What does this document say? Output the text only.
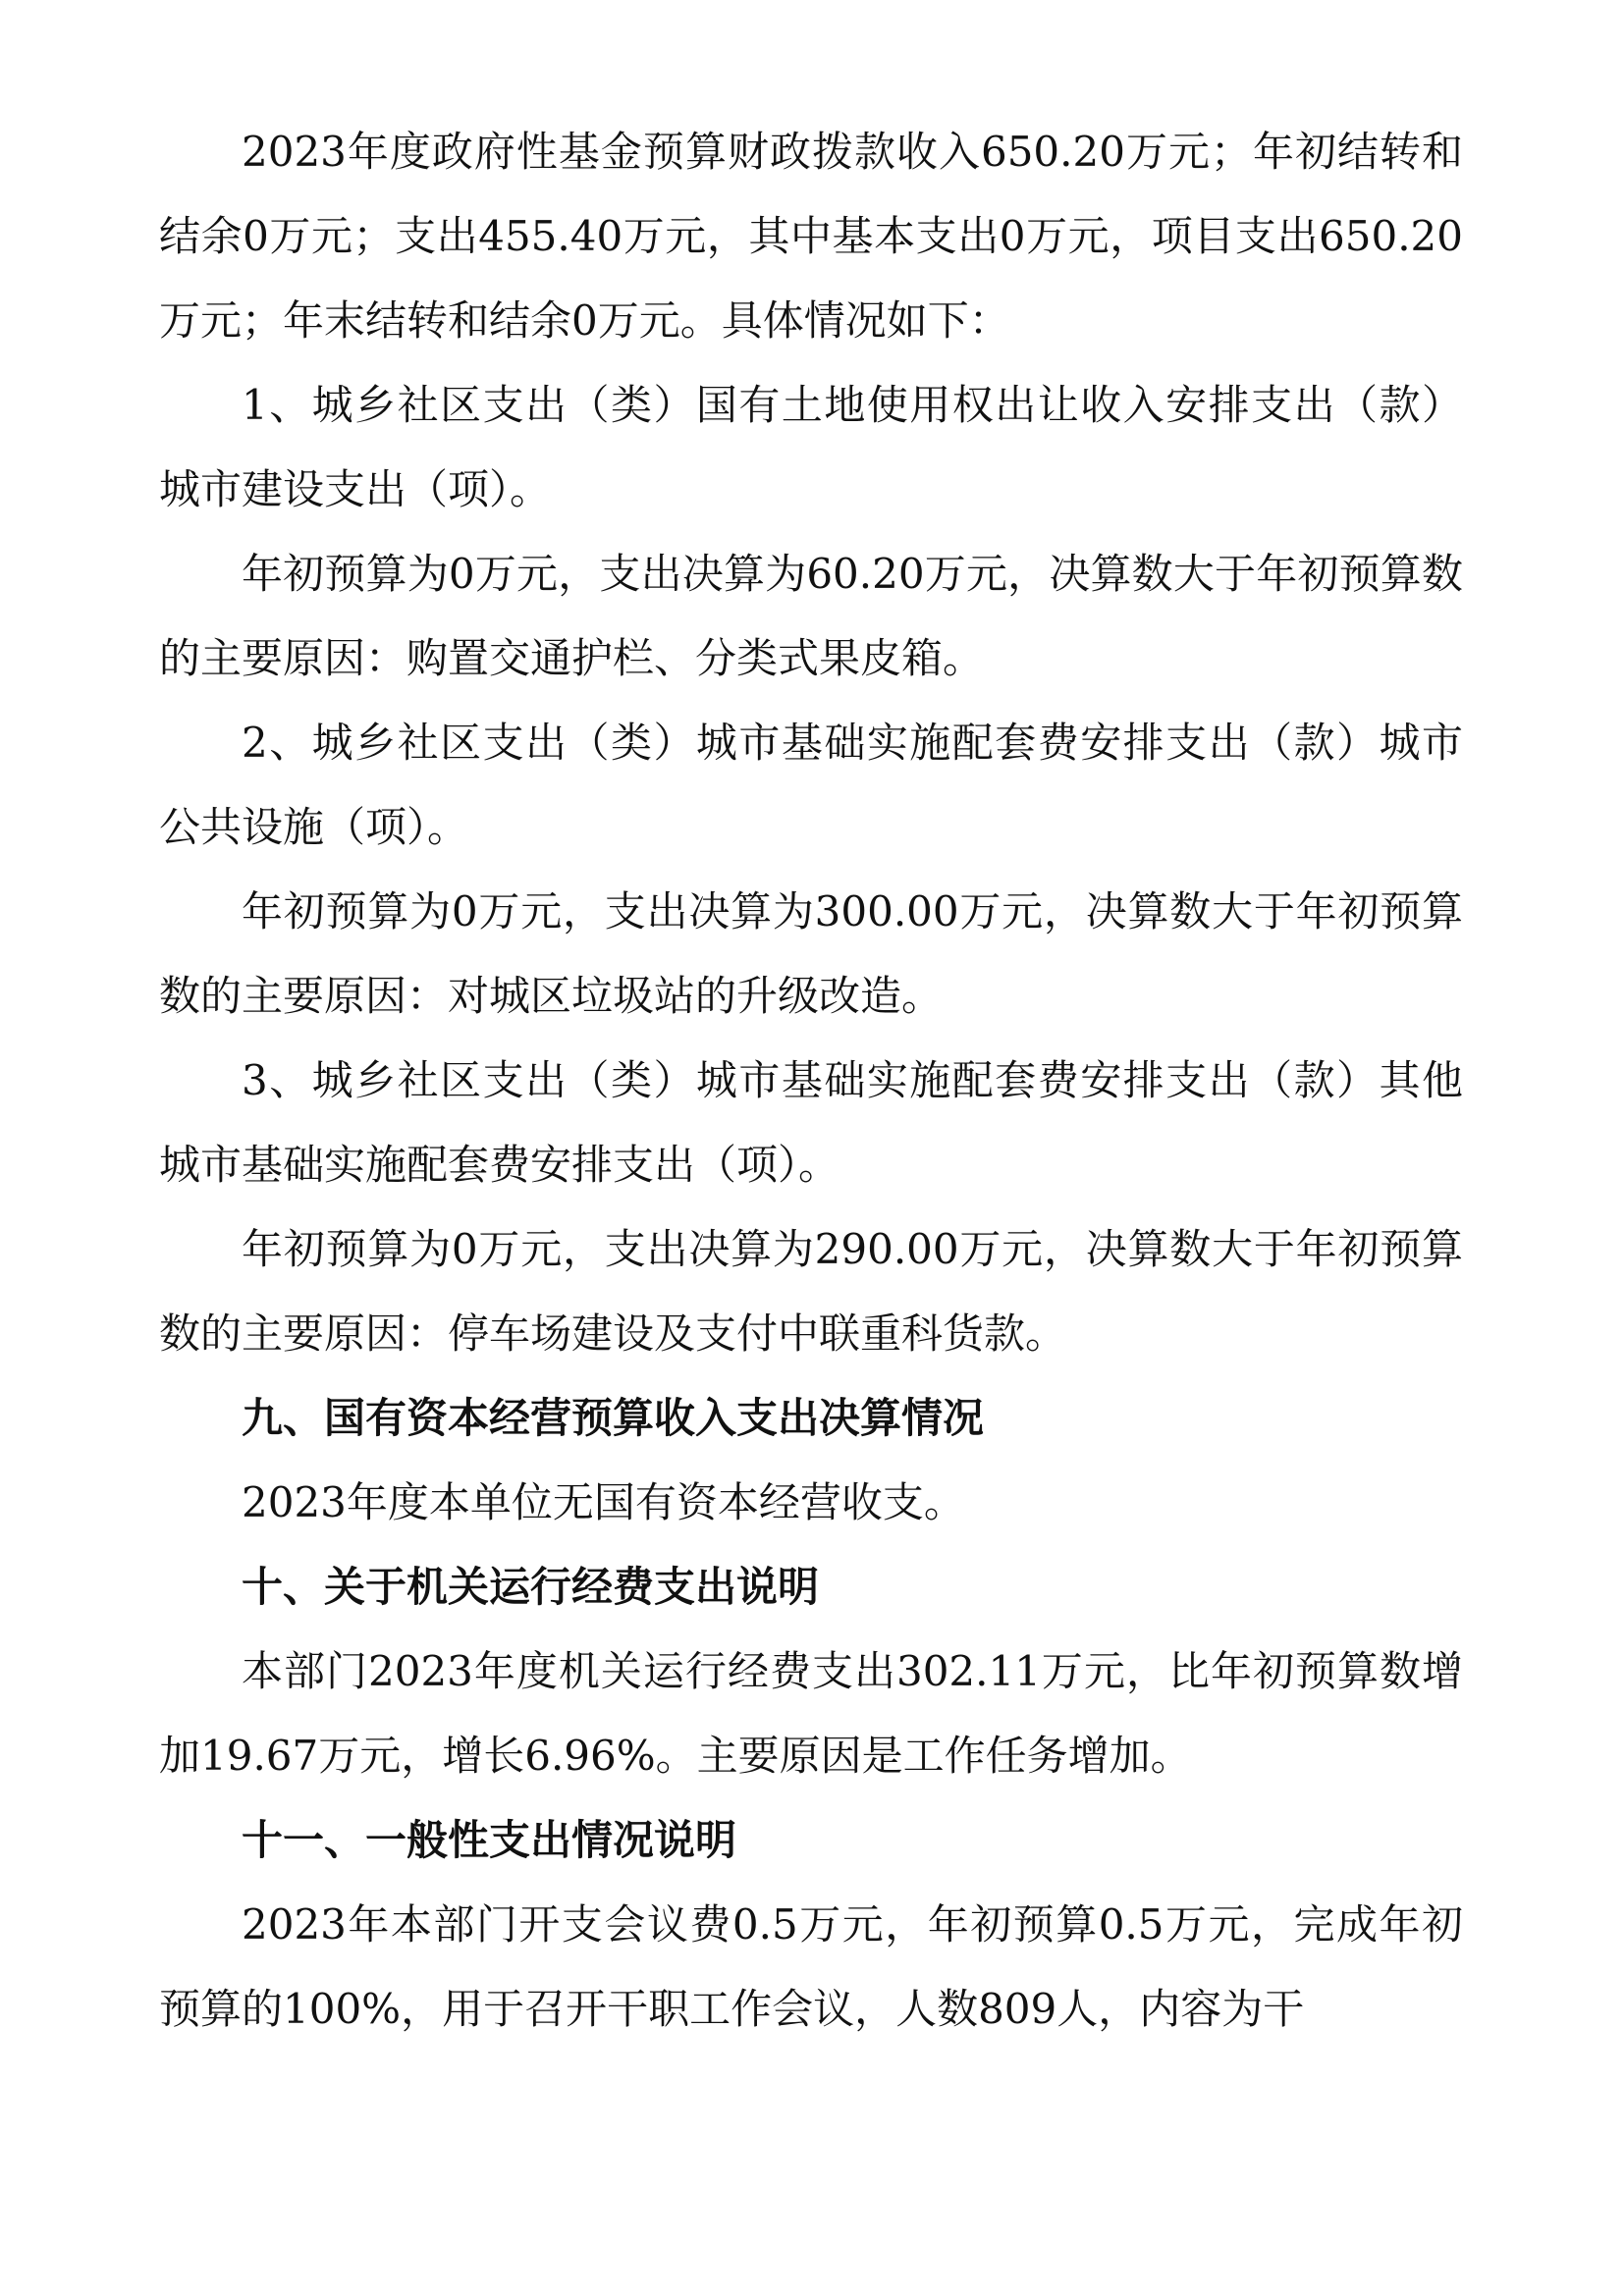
2023年度政府性基金预算财政拨款收入650.20万元；年初结转和结余0万元；支出455.40万元，其中基本支出0万元，项目支出650.20万元；年末结转和结余0万元。具体情况如下：

1、城乡社区支出（类）国有土地使用权出让收入安排支出（款）城市建设支出（项）。

年初预算为0万元，支出决算为60.20万元，决算数大于年初预算数的主要原因：购置交通护栏、分类式果皮箱。

2、城乡社区支出（类）城市基础实施配套费安排支出（款）城市公共设施（项）。

年初预算为0万元，支出决算为300.00万元，决算数大于年初预算数的主要原因：对城区垃圾站的升级改造。

3、城乡社区支出（类）城市基础实施配套费安排支出（款）其他城市基础实施配套费安排支出（项）。

年初预算为0万元，支出决算为290.00万元，决算数大于年初预算数的主要原因：停车场建设及支付中联重科货款。

九、国有资本经营预算收入支出决算情况

2023年度本单位无国有资本经营收支。

十、关于机关运行经费支出说明

本部门2023年度机关运行经费支出302.11万元，比年初预算数增加19.67万元，增长6.96%。主要原因是工作任务增加。

十一、一般性支出情况说明

2023年本部门开支会议费0.5万元，年初预算0.5万元，完成年初预算的100%，用于召开干职工作会议，人数809人，内容为干
